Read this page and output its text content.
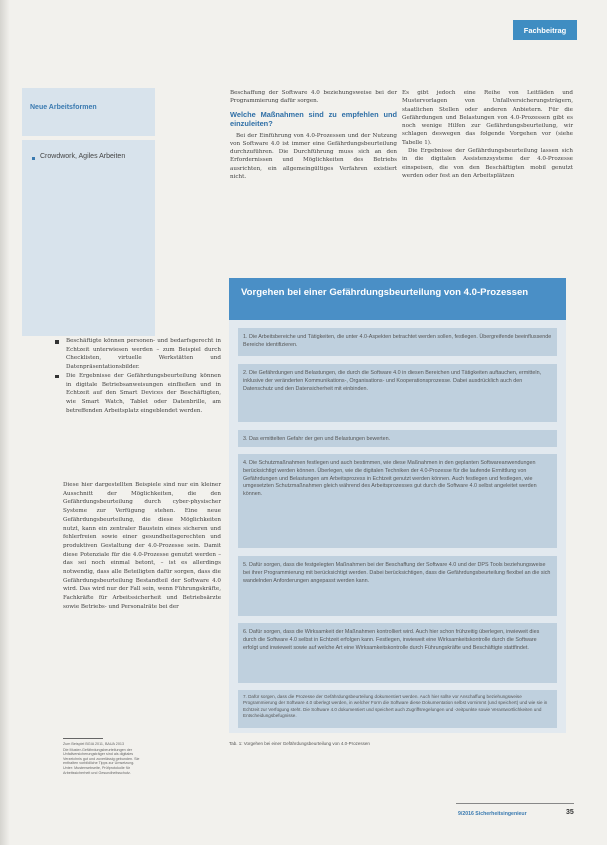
Fachbeitrag
Neue Arbeitsformen
Crowdwork, Agiles Arbeiten

Beschaffung der Software 4.0 beziehungsweise bei der Programmierung dafür sorgen.

Welche Maßnahmen sind zu empfehlen und einzuleiten?

Bei der Einführung von 4.0-Prozessen und der Nutzung von Software 4.0 ist immer eine Gefährdungsbeurteilung durchzuführen. Die Durchführung muss sich an den Erfordernissen und Möglichkeiten des Betriebs ausrichten, ein allgemeingültiges Verfahren existiert nicht.

Es gibt jedoch eine Reihe von Leitfäden und Mustervorlagen von Unfallversicherungsträgern, staatlichen Stellen oder anderen Anbietern. Für die Gefährdungen und Belastungen von 4.0-Prozessen gibt es noch wenige Hilfen zur Gefährdungsbeurteilung, wir schlagen deswegen das folgende Vorgehen vor (siehe Tabelle 1).

Die Ergebnisse der Gefährdungsbeurteilung lassen sich in die digitalen Assistenzsysteme der 4.0-Prozesse einspeisen, die von den Beschäftigten mobil genutzt werden oder fest an den Arbeitsplätzen

Beschäftigte können personen- und bedarfsgerecht in Echtzeit unterwiesen werden – zum Beispiel durch Checklisten, virtuelle Werkstätten und Datenpräsentationsbilder.
Die Ergebnisse der Gefährdungsbeurteilung können in digitale Betriebsanweisungen einfließen und in Echtzeit auf den Smart Devices der Beschäftigten, wie Smart Watch, Tablet oder Datenbrille, am betreffenden Arbeitsplatz eingeblendet werden.

Diese hier dargestellten Beispiele sind nur ein kleiner Ausschnitt der Möglichkeiten, die den Gefährdungsbeurteilung durch cyber-physischer Systeme zur Verfügung stehen. Eine neue Gefährdungsbeurteilung, die diese Möglichkeiten nutzt, kann ein zentraler Baustein eines sicheren und fehlerfreien sowie einer gesundheitsgerechten und produktiven Gestaltung der 4.0-Prozesse sein. Damit diese Potenziale für die 4.0-Prozesse genutzt werden – das sei noch einmal betont, – ist es allerdings notwendig, dass alle Beteiligten dafür sorgen, dass die Gefährdungsbeurteilung Bestandteil der Software 4.0 wird. Das wird nur der Fall sein, wenn Führungskräfte, Fachkräfte für Arbeitssicherheit und Betriebsärzte sowie Betriebs- und Personalräte bei der

Zum Beispiel BGIA 2011, BAUA 2013
Die Muster-Gefährdungsbeurteilungen der Unfallversicherungsträger sind als digitales Verzeichnis gut und zuverlässig gebunden. Sie enthalten vorbildliche Tipps zur Umsetzung. Unter: Musterwebseite, Prüfprotokolle für Arbeitssicherheit und Gesundheitsschutz.
Vorgehen bei einer Gefährdungsbeurteilung von 4.0-Prozessen
1. Die Arbeitsbereiche und Tätigkeiten, die unter 4.0-Aspekten betrachtet werden sollen, festlegen. Übergreifende beeinflussende Bereiche identifizieren.
2. Die Gefährdungen und Belastungen, die durch die Software 4.0 in diesen Bereichen und Tätigkeiten auftauchen, ermitteln, inklusive der veränderten Kommunikations-, Organisations- und Kooperationsprozesse. Dabei ausdrücklich auch den Datenschutz und den Datensicherheit mit einbinden.
3. Das ermittelten Gefahr der gen und Belastungen bewerten.
4. Die Schutzmaßnahmen festlegen und auch bestimmen, wie diese Maßnahmen in den geplanten Softwareanwendungen berücksichtigt werden können. Überlegen, wie die digitalen Techniken der 4.0-Prozesse für die laufende Ermittlung von Gefährdungen und Belastungen am Arbeitsprozess in Echtzeit genutzt werden können. Auch festlegen und festlegen, wie umgesetzten Schutzmaßnahmen gleich während des Arbeitsprozesses gut durch die Software 4.0 selbst angeleitet werden können.
5. Dafür sorgen, dass die festgelegten Maßnahmen bei der Beschaffung der Software 4.0 und der DPS Tools beziehungsweise bei ihrer Programmierung mit berücksichtigt werden. Dabei berücksichtigen, dass die Gefährdungsbeurteilung flexibel an die sich wandelnden Anforderungen angepasst werden kann.
6. Dafür sorgen, dass die Wirksamkeit der Maßnahmen kontrolliert wird. Auch hier schon frühzeitig überlegen, inwieweit dies durch die Software 4.0 selbst in Echtzeit erfolgen kann. Festlegen, inwieweit eine Wirksamkeitskontrolle durch die Software erfolgt und inwieweit sowie auf welche Art eine Wirksamkeitskontrolle durch Führungskräfte und Beschäftigte stattfindet.
7. Dafür sorgen, dass die Prozesse der Gefährdungsbeurteilung dokumentiert werden. Auch hier sollte vor Anschaffung beziehungsweise Programmierung der Software 4.0 überlegt werden, in welcher Form die Software diese Dokumentation selbst vornimmt (und speichert) und wie sie in Echtzeit zur Verfügung steht. Die Software 4.0 dokumentiert und speichert auch Zugriffsregelungen und -zeitpunkte sowie Verantwortlichkeiten und Entscheidungsbefugnisse.
Tab. 1: Vorgehen bei einer Gefährdungsbeurteilung von 4.0-Prozessen
9/2016 Sicherheitsingenieur	35
